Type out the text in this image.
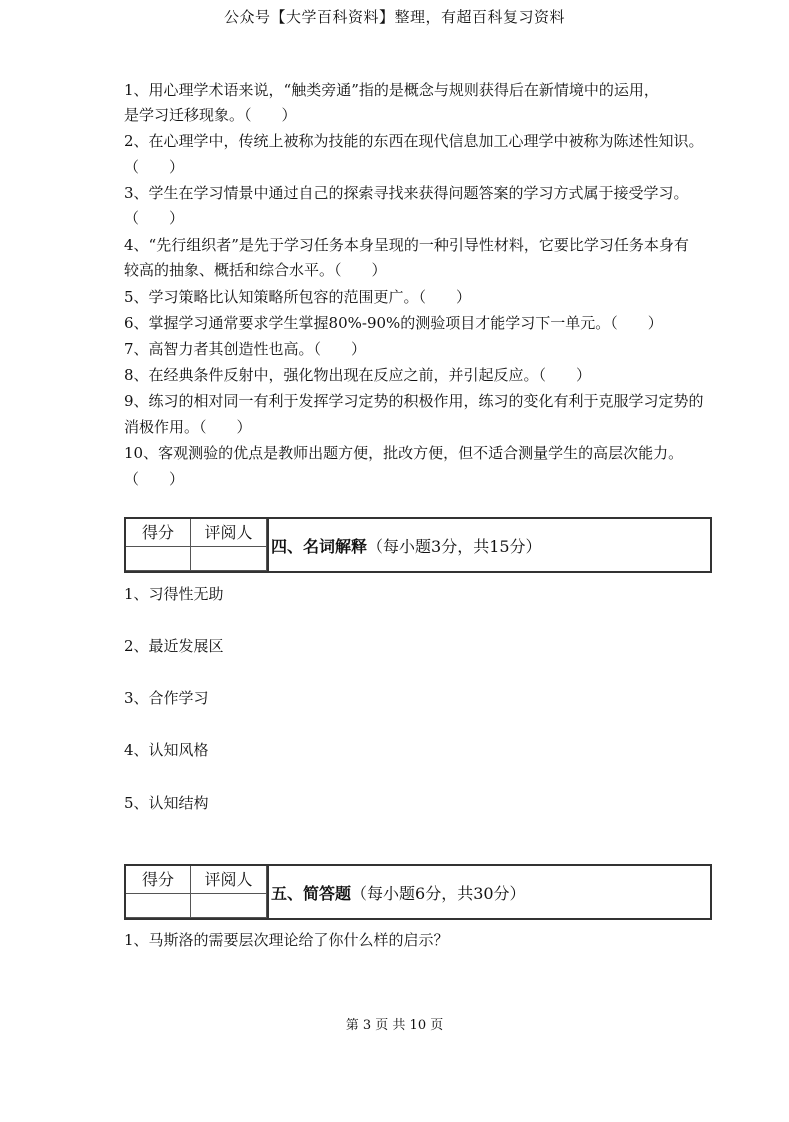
公众号【大学百科资料】整理，有超百科复习资料
1、用心理学术语来说，“触类旁通”指的是概念与规则获得后在新情境中的运用，
是学习迁移现象。（　　）
2、在心理学中，传统上被称为技能的东西在现代信息加工心理学中被称为陈述性知识。
（　　）
3、学生在学习情景中通过自己的探索寻找来获得问题答案的学习方式属于接受学习。
（　　）
4、“先行组织者”是先于学习任务本身呈现的一种引导性材料，它要比学习任务本身有
较高的抽象、概括和综合水平。（　　）
5、学习策略比认知策略所包容的范围更广。（　　）
6、掌握学习通常要求学生掌握80%-90%的测验项目才能学习下一单元。（　　）
7、高智力者其创造性也高。（　　）
8、在经典条件反射中，强化物出现在反应之前，并引起反应。（　　）
9、练习的相对同一有利于发挥学习定势的积极作用，练习的变化有利于克服学习定势的
消极作用。（　　）
10、客观测验的优点是教师出题方便，批改方便，但不适合测量学生的高层次能力。
（　　）
得分	评阅人
四、名词解释 （每小题3分，共15分）
1、习得性无助
2、最近发展区
3、合作学习
4、认知风格
5、认知结构
得分	评阅人
五、简答题 （每小题6分，共30分）
1、马斯洛的需要层次理论给了你什么样的启示？
第 3 页 共 10 页
